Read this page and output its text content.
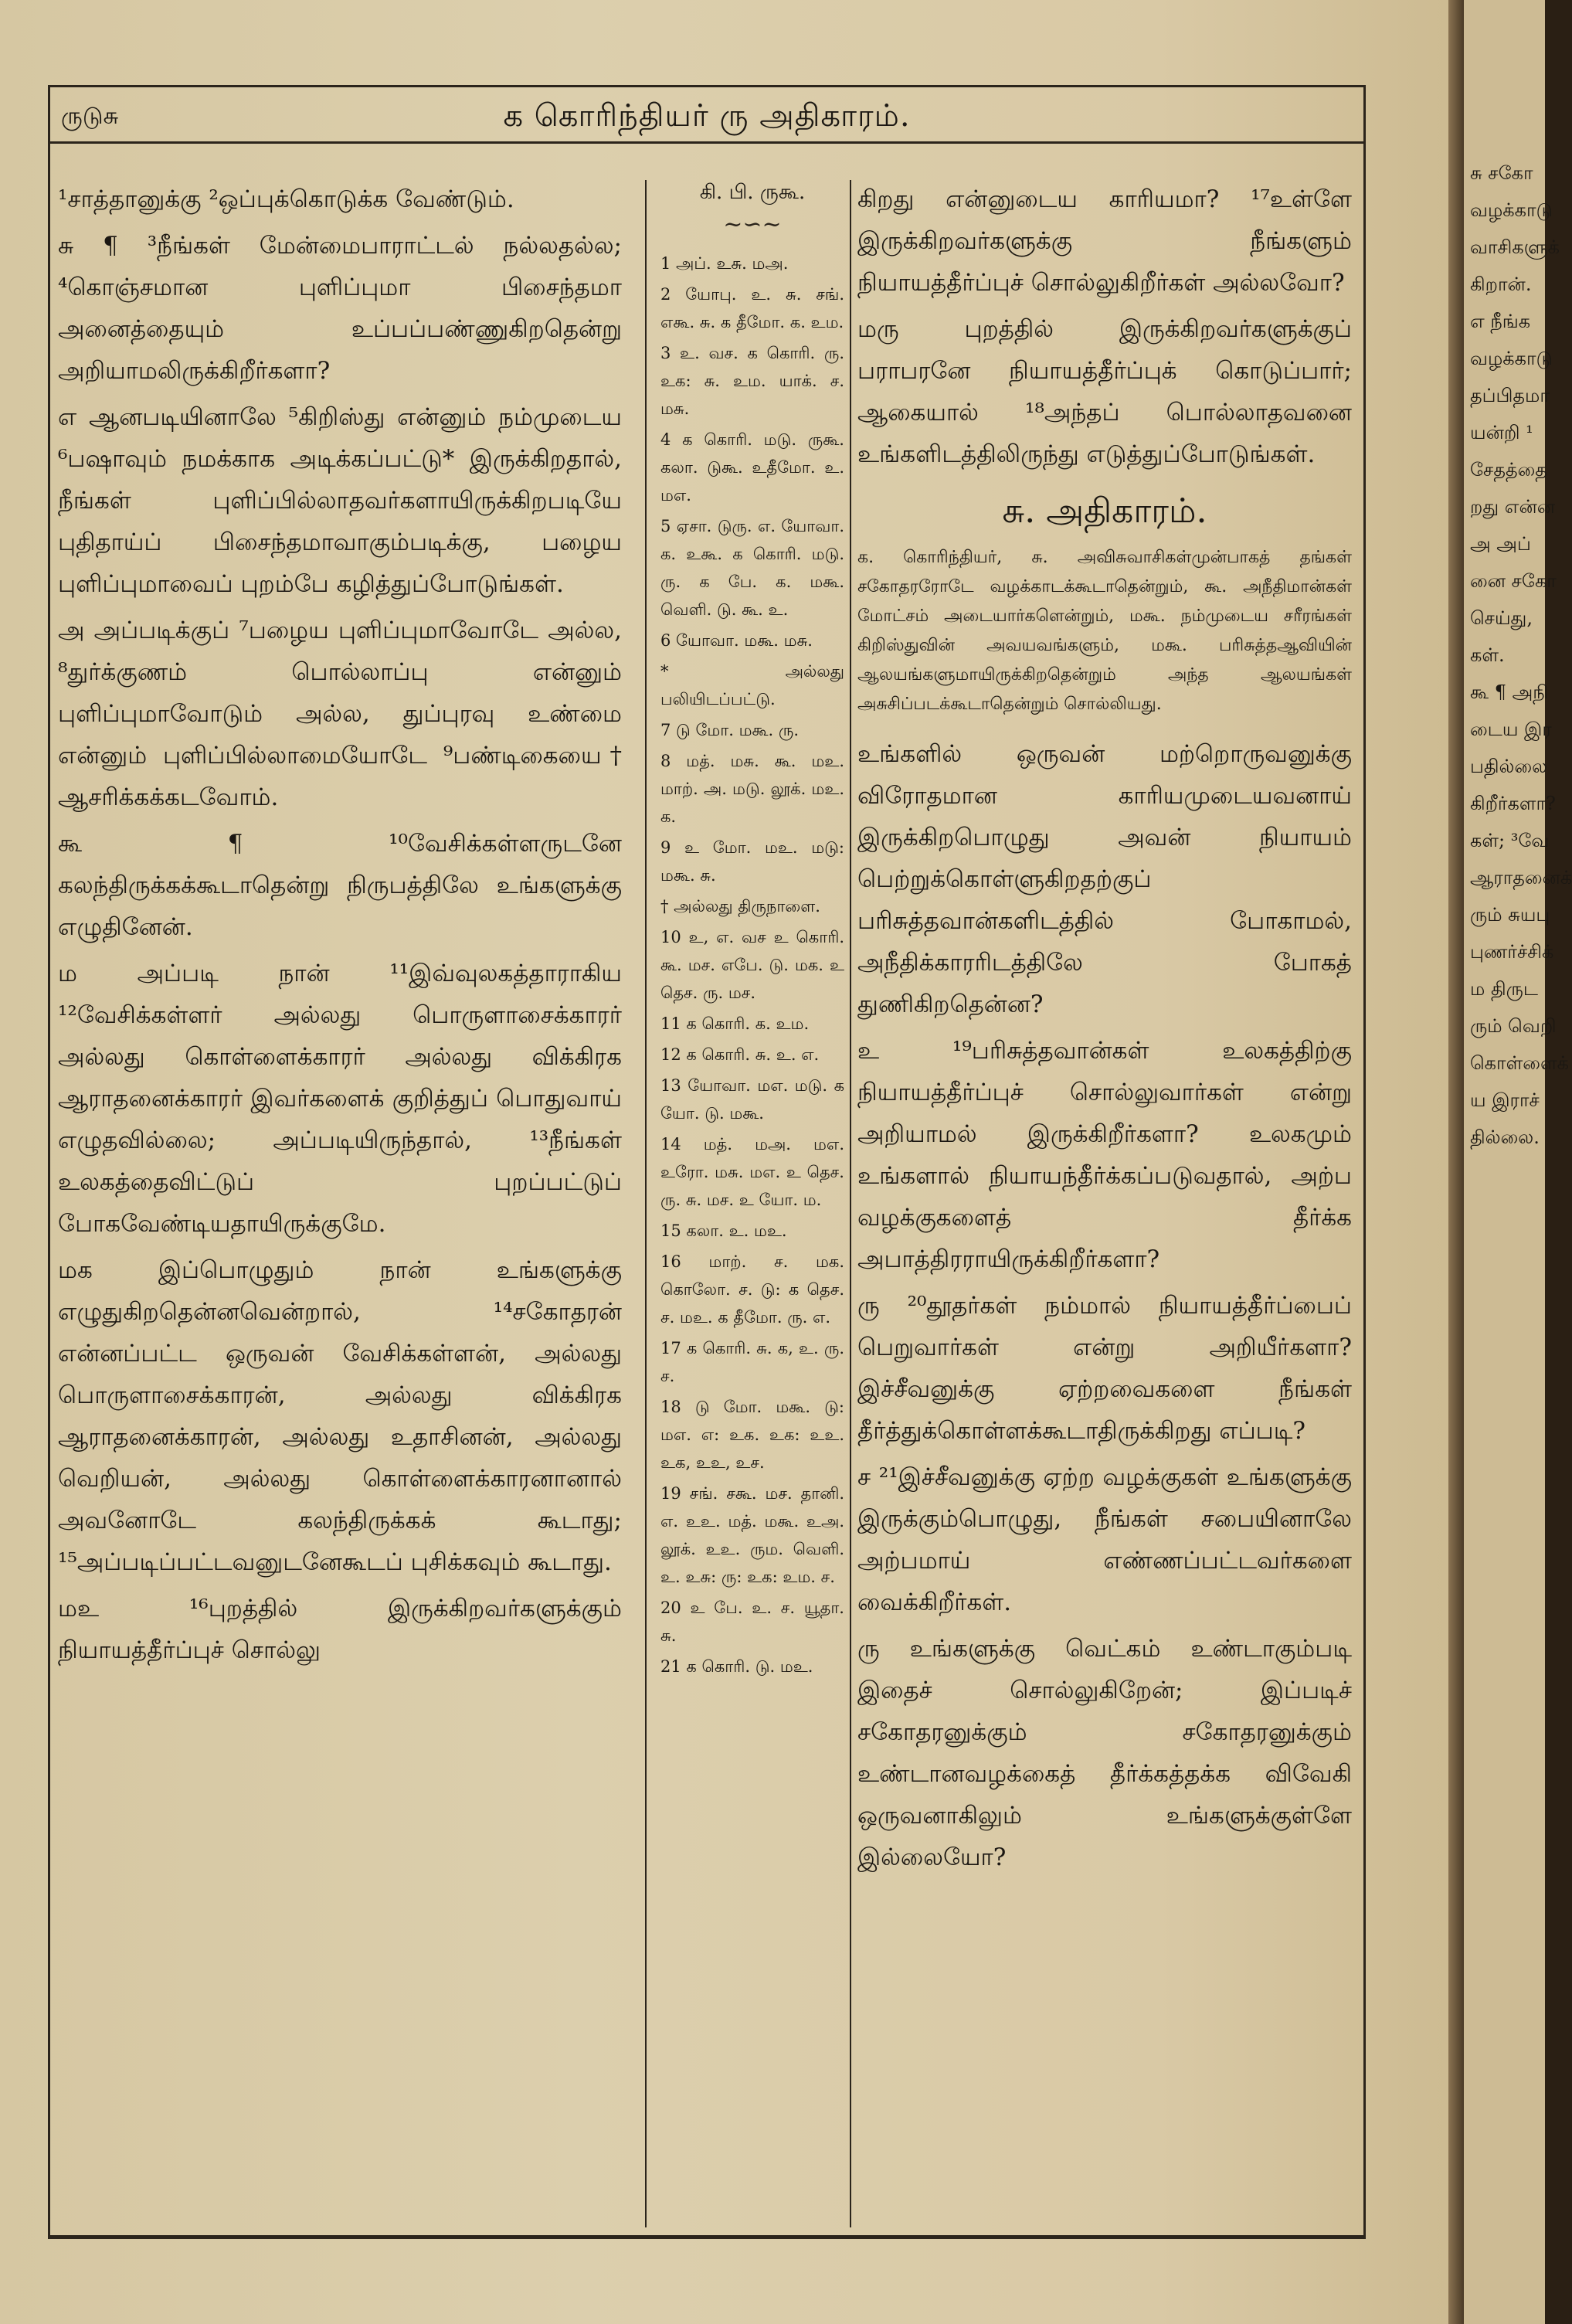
ருடுசு	க கொரிந்தியர் ரு அதிகாரம்.

¹சாத்தானுக்கு ²ஒப்புக்கொடுக்க வேண்டும்.

சு ¶ ³நீங்கள் மேன்மைபாராட்டல் நல்லதல்ல; ⁴கொஞ்சமான புளிப்புமா பிசைந்தமா அனைத்தையும் உப்பப்பண்ணுகிறதென்று அறியாமலிருக்கிறீர்களா?

எ ஆனபடியினாலே ⁵கிறிஸ்து என்னும் நம்முடைய ⁶பஷாவும் நமக்காக அடிக்கப்பட்டு* இருக்கிறதால், நீங்கள் புளிப்பில்லாதவர்களாயிருக்கிறபடியே புதிதாய்ப் பிசைந்தமாவாகும்படிக்கு, பழைய புளிப்புமாவைப் புறம்பே கழித்துப்போடுங்கள்.

அ அப்படிக்குப் ⁷பழைய புளிப்புமாவோடே அல்ல, ⁸துர்க்குணம் பொல்லாப்பு என்னும் புளிப்புமாவோடும் அல்ல, துப்புரவு உண்மை என்னும் புளிப்பில்லாமையோடே ⁹பண்டிகையை† ஆசரிக்கக்கடவோம்.

கூ ¶ ¹⁰வேசிக்கள்ளருடனே கலந்திருக்கக்கூடாதென்று நிருபத்திலே உங்களுக்கு எழுதினேன்.

ம அப்படி நான் ¹¹இவ்வுலகத்தாராகிய ¹²வேசிக்கள்ளர் அல்லது பொருளாசைக்காரர் அல்லது கொள்ளைக்காரர் அல்லது விக்கிரக ஆராதனைக்காரர் இவர்களைக் குறித்துப் பொதுவாய் எழுதவில்லை; அப்படியிருந்தால், ¹³நீங்கள் உலகத்தைவிட்டுப் புறப்பட்டுப் போகவேண்டியதாயிருக்குமே.

மக இப்பொழுதும் நான் உங்களுக்கு எழுதுகிறதென்னவென்றால், ¹⁴சகோதரன் என்னப்பட்ட ஒருவன் வேசிக்கள்ளன், அல்லது பொருளாசைக்காரன், அல்லது விக்கிரக ஆராதனைக்காரன், அல்லது உதாசினன், அல்லது வெறியன், அல்லது கொள்ளைக்காரனானால் அவனோடே கலந்திருக்கக் கூடாது; ¹⁵அப்படிப்பட்டவனுடனேகூடப் புசிக்கவும் கூடாது.

மஉ ¹⁶புறத்தில் இருக்கிறவர்களுக்கும் நியாயத்தீர்ப்புச் சொல்லு

கி. பி. ருகூ.
~∽~

1 அப். உசு. மஅ.

2 யோபு. உ. சு. சங். எகூ. சு. க தீமோ. க. உம.

3 உ. வச. க கொரி. ரு. உக: சு. உம. யாக். ச. மசு.

4 க கொரி. மடு. ருகூ. கலா. டுகூ. உதீமோ. உ. மஎ.

5 ஏசா. டுரு. எ. யோவா. க. உகூ. க கொரி. மடு. ரு. க பே. க. மகூ. வெளி. டு. கூ. உ.

6 யோவா. மகூ. மசு.

* அல்லது பலியிடப்பட்டு.

7 டு மோ. மகூ. ரு.

8 மத். மசு. கூ. மஉ. மாற். அ. மடு. லூக். மஉ. க.

9 உ மோ. மஉ. மடு: மகூ. சு.

† அல்லது திருநாளை.

10 உ, எ. வச உ கொரி. கூ. மச. எபே. டு. மக. உ தெச. ரு. மச.

11 க கொரி. க. உம.

12 க கொரி. சு. உ. எ.

13 யோவா. மஎ. மடு. க யோ. டு. மகூ.

14 மத். மஅ. மஎ. உரோ. மசு. மஎ. உ தெச. ரு. சு. மச. உ யோ. ம.

15 கலா. உ. மஉ.

16 மாற். ச. மக. கொலோ. ச. டு: க தெச. ச. மஉ. க தீமோ. ரு. எ.

17 க கொரி. சு. க, உ. ரு. ச.

18 டு மோ. மகூ. டு: மஎ. எ: உக. உக: உஉ. உக, உஉ, உச.

19 சங். சகூ. மச. தானி. எ. உஉ. மத். மகூ. உஅ. லூக். உஉ. ரும. வெளி. உ. உசு: ரு: உக: உம. ச.

20 உ பே. உ. ச. யூதா. சு.

21 க கொரி. டு. மஉ.

கிறது என்னுடைய காரியமா? ¹⁷உள்ளே இருக்கிறவர்களுக்கு நீங்களும் நியாயத்தீர்ப்புச் சொல்லுகிறீர்கள் அல்லவோ?

மரு புறத்தில் இருக்கிறவர்களுக்குப் பராபரனே நியாயத்தீர்ப்புக் கொடுப்பார்; ஆகையால் ¹⁸அந்தப் பொல்லாதவனை உங்களிடத்திலிருந்து எடுத்துப்போடுங்கள்.

சு. அதிகாரம்.
க. கொரிந்தியர், சு. அவிசுவாசிகள்முன்பாகத் தங்கள் சகோதரரோடே வழக்காடக்கூடாதென்றும், கூ. அநீதிமான்கள் மோட்சம் அடையார்களென்றும், மகூ. நம்முடைய சரீரங்கள் கிறிஸ்துவின் அவயவங்களும், மகூ. பரிசுத்தஆவியின் ஆலயங்களுமாயிருக்கிறதென்றும் அந்த ஆலயங்கள் அசுசிப்படக்கூடாதென்றும் சொல்லியது.

உங்களில் ஒருவன் மற்றொருவனுக்கு விரோதமான காரியமுடையவனாய் இருக்கிறபொழுது அவன் நியாயம் பெற்றுக்கொள்ளுகிறதற்குப் பரிசுத்தவான்களிடத்தில் போகாமல், அநீதிக்காரரிடத்திலே போகத் துணிகிறதென்ன?

உ ¹⁹பரிசுத்தவான்கள் உலகத்திற்கு நியாயத்தீர்ப்புச் சொல்லுவார்கள் என்று அறியாமல் இருக்கிறீர்களா? உலகமும் உங்களால் நியாயந்தீர்க்கப்படுவதால், அற்ப வழக்குகளைத் தீர்க்க அபாத்திரராயிருக்கிறீர்களா?

ரு ²⁰தூதர்கள் நம்மால் நியாயத்தீர்ப்பைப் பெறுவார்கள் என்று அறியீர்களா? இச்சீவனுக்கு ஏற்றவைகளை நீங்கள் தீர்த்துக்கொள்ளக்கூடாதிருக்கிறது எப்படி?

ச ²¹இச்சீவனுக்கு ஏற்ற வழக்குகள் உங்களுக்கு இருக்கும்பொழுது, நீங்கள் சபையினாலே அற்பமாய் எண்ணப்பட்டவர்களை வைக்கிறீர்கள்.

ரு உங்களுக்கு வெட்கம் உண்டாகும்படி இதைச் சொல்லுகிறேன்; இப்படிச் சகோதரனுக்கும் சகோதரனுக்கும் உண்டானவழக்கைத் தீர்க்கத்தக்க விவேகி ஒருவனாகிலும் உங்களுக்குள்ளே இல்லையோ?

சு சகோ
வழக்காடு
வாசிகளுக்
கிறான்.
எ நீங்க
வழக்காடு
தப்பிதமா
யன்றி ¹
சேதத்தை
றது என்ன
அ அப்
னை சகோ
செய்து,
கள்.
கூ ¶ அநி
டைய இர
பதில்லை
கிறீர்களா?
கள்; ³வே
ஆராதனைக்
ரும் சுயபு
புணர்ச்சிக்
ம திருட
ரும் வெறி
கொள்ளைக்
ய இராச்
தில்லை.
